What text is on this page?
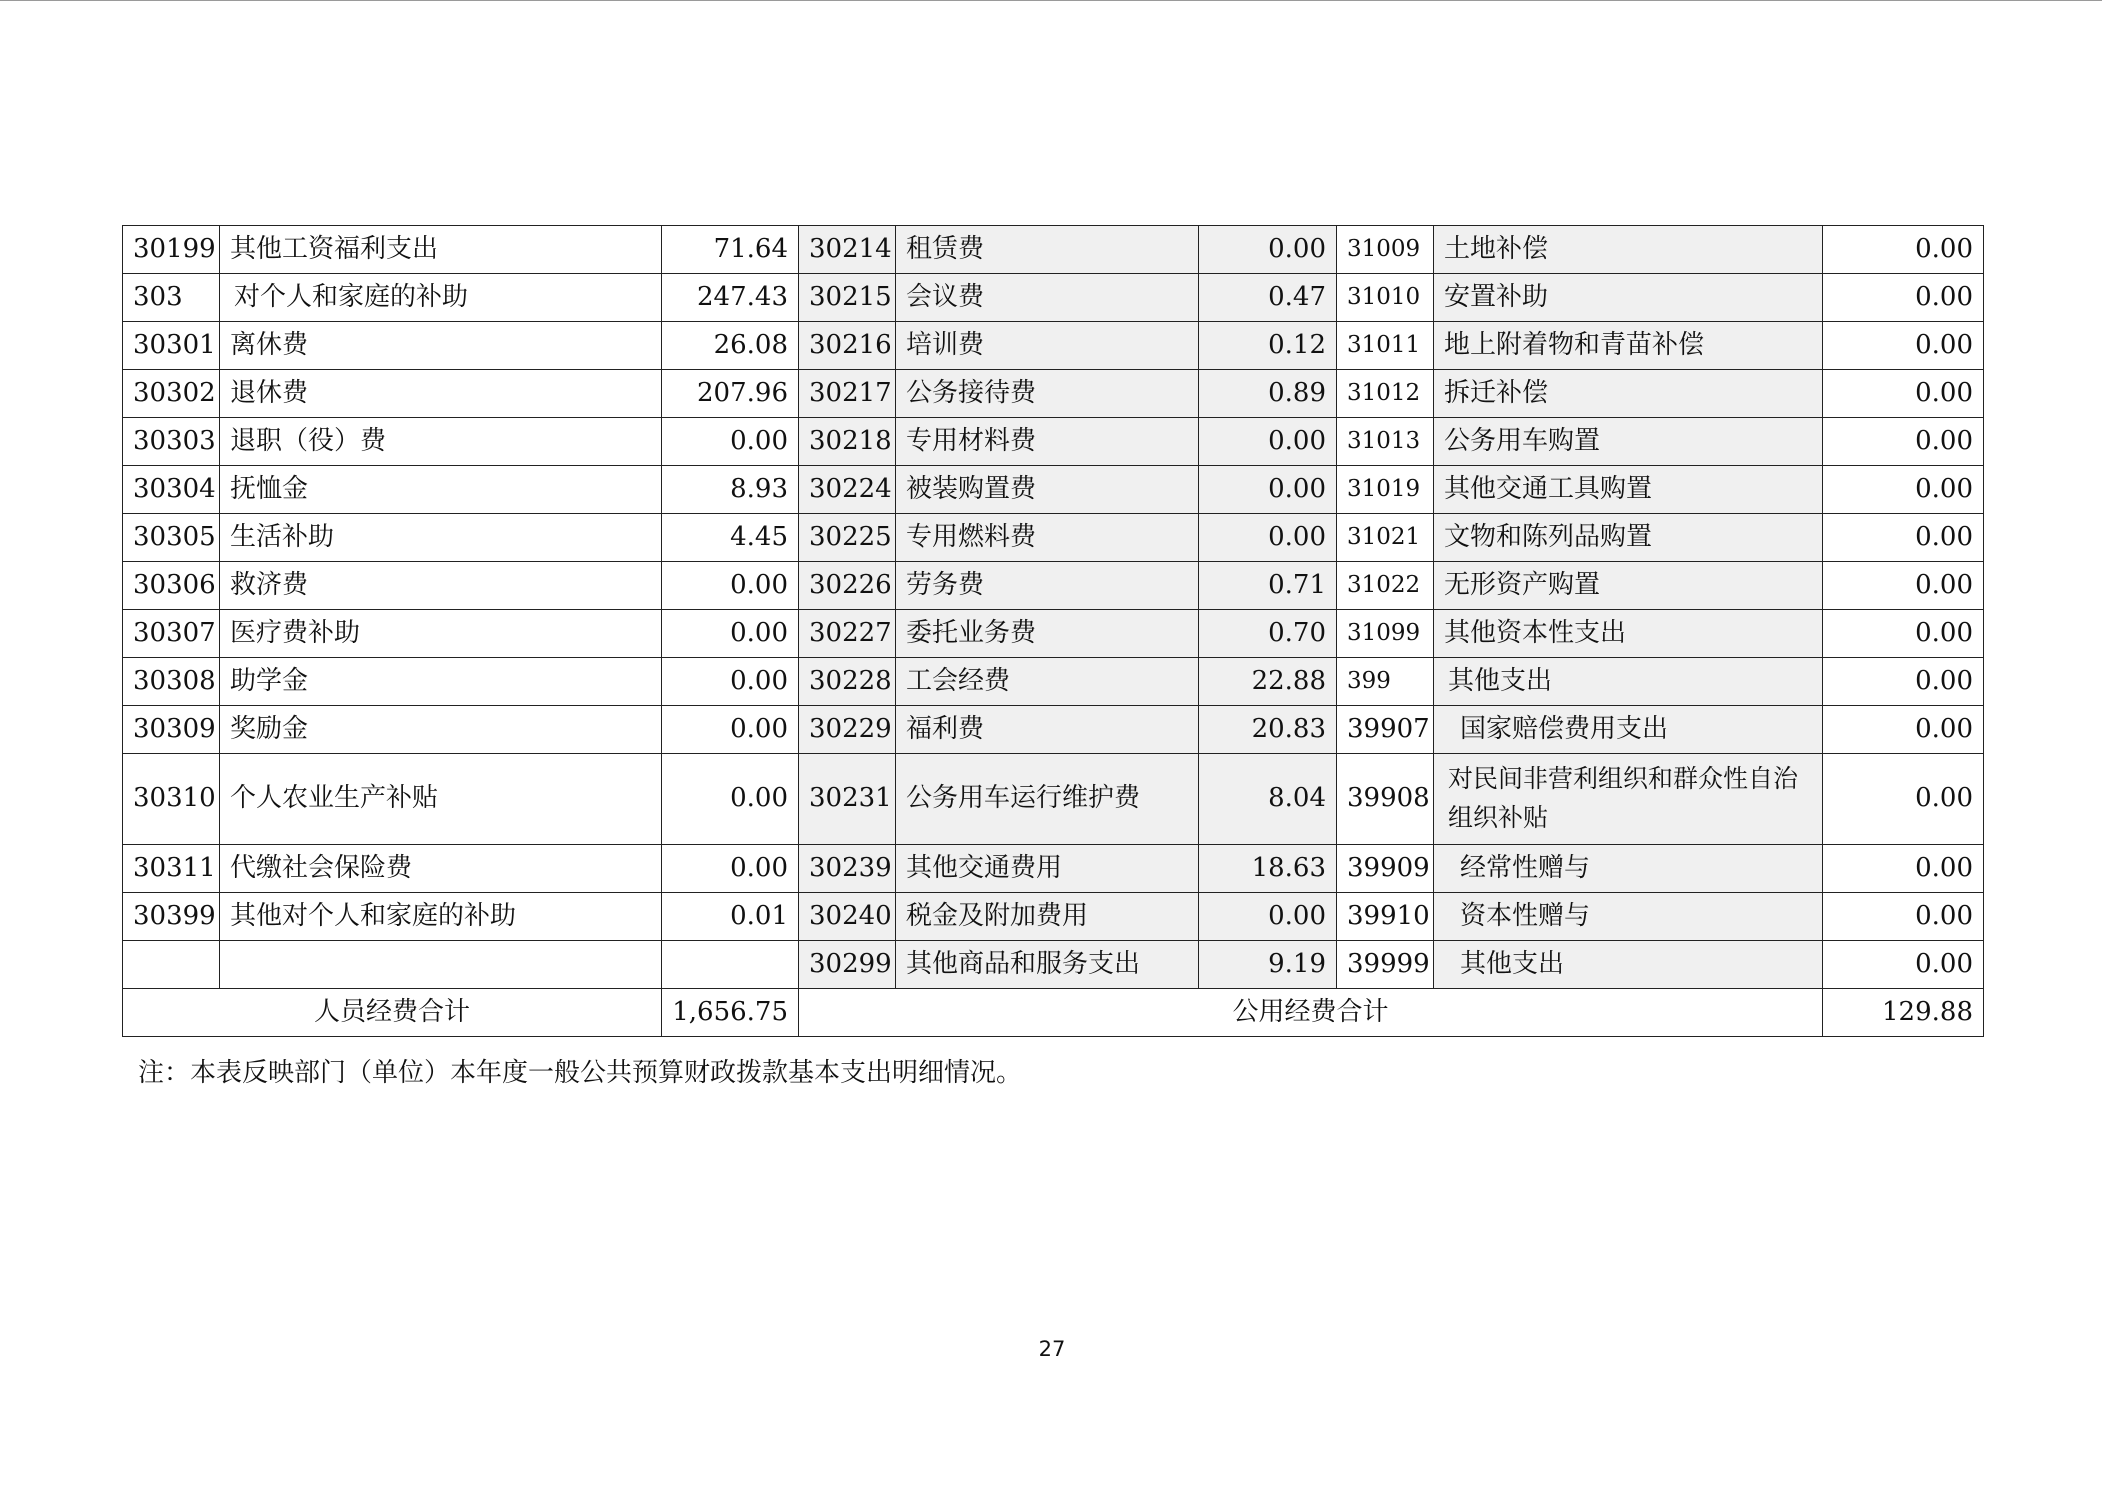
30199	其他工资福利支出	71.64	30214	租赁费	0.00	31009	土地补偿	0.00
303	对个人和家庭的补助	247.43	30215	会议费	0.47	31010	安置补助	0.00
30301	离休费	26.08	30216	培训费	0.12	31011	地上附着物和青苗补偿	0.00
30302	退休费	207.96	30217	公务接待费	0.89	31012	拆迁补偿	0.00
30303	退职（役）费	0.00	30218	专用材料费	0.00	31013	公务用车购置	0.00
30304	抚恤金	8.93	30224	被装购置费	0.00	31019	其他交通工具购置	0.00
30305	生活补助	4.45	30225	专用燃料费	0.00	31021	文物和陈列品购置	0.00
30306	救济费	0.00	30226	劳务费	0.71	31022	无形资产购置	0.00
30307	医疗费补助	0.00	30227	委托业务费	0.70	31099	其他资本性支出	0.00
30308	助学金	0.00	30228	工会经费	22.88	399	其他支出	0.00
30309	奖励金	0.00	30229	福利费	20.83	39907	国家赔偿费用支出	0.00
30310	个人农业生产补贴	0.00	30231	公务用车运行维护费	8.04	39908	对民间非营利组织和群众性自治组织补贴	0.00
30311	代缴社会保险费	0.00	30239	其他交通费用	18.63	39909	经常性赠与	0.00
30399	其他对个人和家庭的补助	0.01	30240	税金及附加费用	0.00	39910	资本性赠与	0.00
			30299	其他商品和服务支出	9.19	39999	其他支出	0.00
人员经费合计		1,656.75	公用经费合计					129.88
注：本表反映部门（单位）本年度一般公共预算财政拨款基本支出明细情况。
27
